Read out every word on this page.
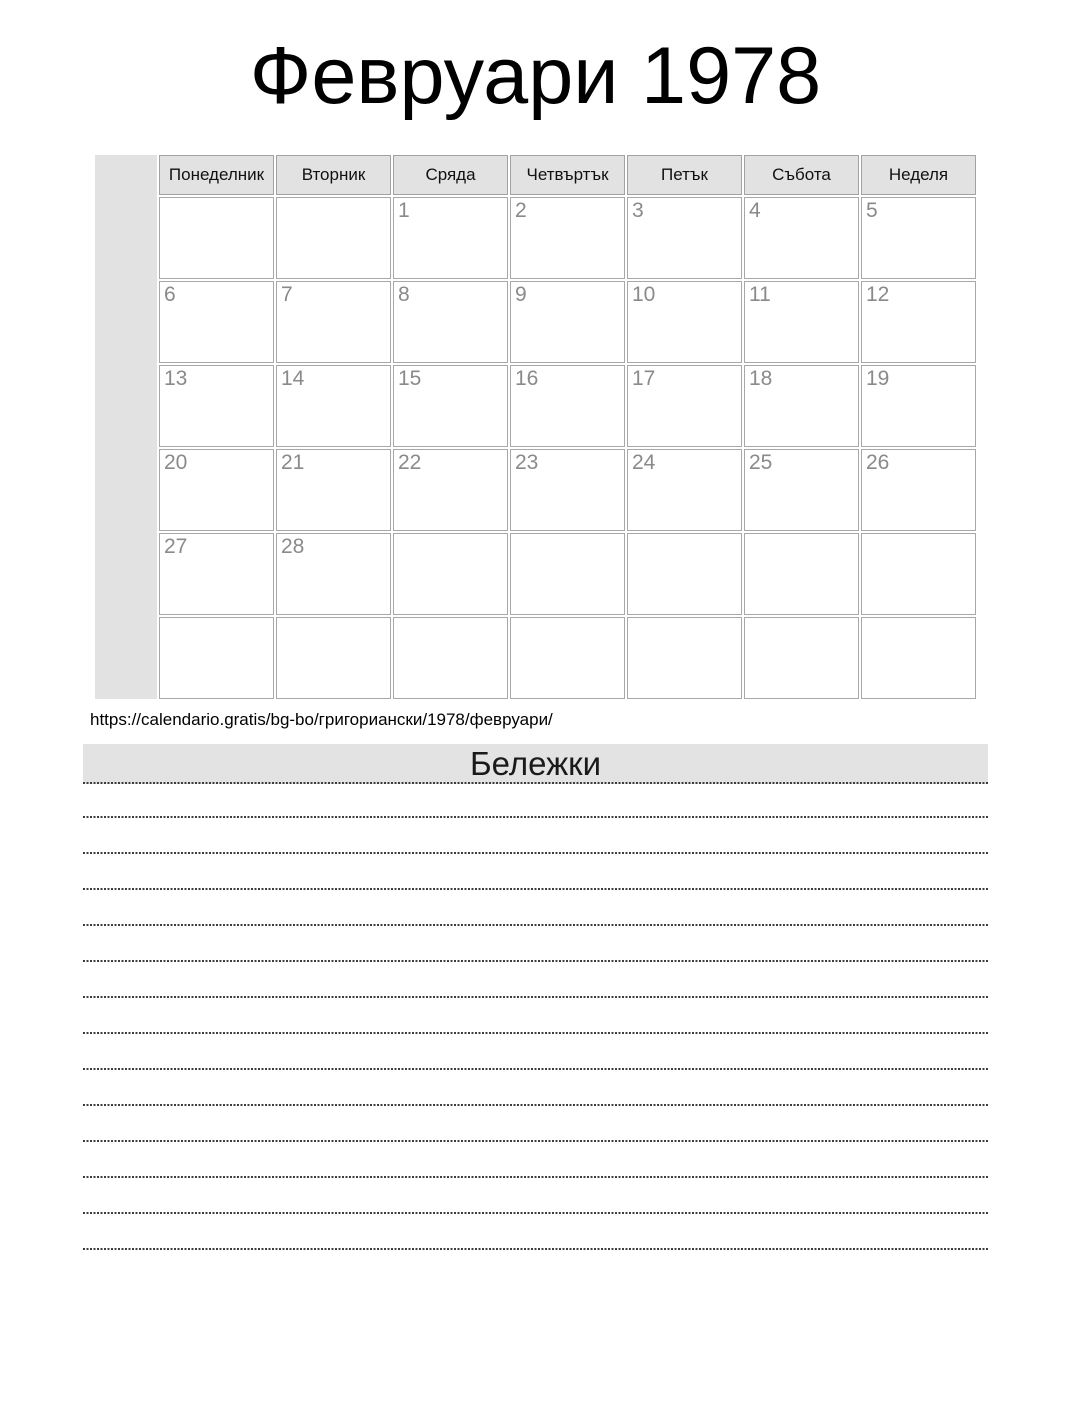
Февруари 1978
	Понеделник	Вторник	Сряда	Четвъртък	Петък	Събота	Неделя
			1	2	3	4	5
	6	7	8	9	10	11	12
	13	14	15	16	17	18	19
	20	21	22	23	24	25	26
	27	28					

https://calendario.gratis/bg-bo/григориански/1978/февруари/
Бележки
